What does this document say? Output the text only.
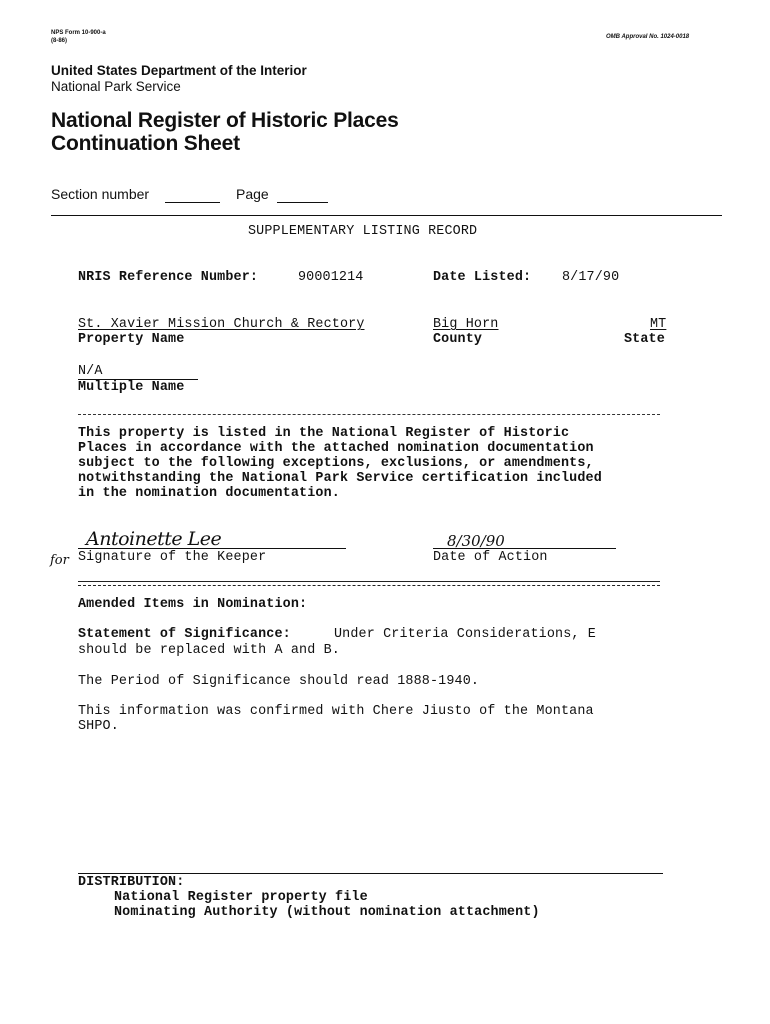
NPS Form 10-900-a
(8-86)
OMB Approval No. 1024-0018
United States Department of the Interior
National Park Service
National Register of Historic Places
Continuation Sheet
Section number	Page
SUPPLEMENTARY LISTING RECORD
NRIS Reference Number:	90001214	Date Listed: 8/17/90
St. Xavier Mission Church & Rectory
Property Name
Big Horn
County
MT
State
N/A
Multiple Name
This property is listed in the National Register of Historic
Places in accordance with the attached nomination documentation
subject to the following exceptions, exclusions, or amendments,
notwithstanding the National Park Service certification included
in the nomination documentation.
for
Antoinette Lee
Signature of the Keeper
8/30/90
Date of Action
Amended Items in Nomination:
Statement of Significance:	Under Criteria Considerations, E
should be replaced with A and B.
The Period of Significance should read 1888-1940.
This information was confirmed with Chere Jiusto of the Montana
SHPO.
DISTRIBUTION:
National Register property file
Nominating Authority (without nomination attachment)
